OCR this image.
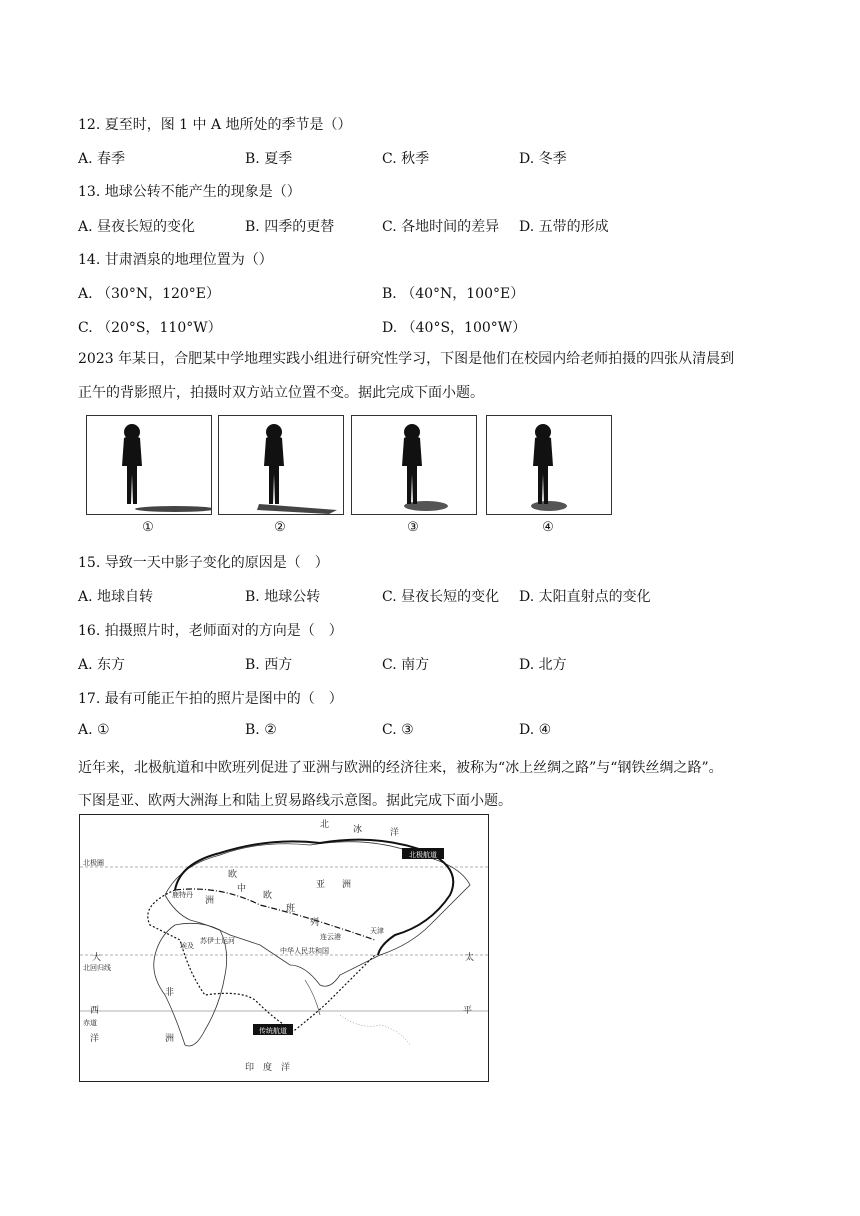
12. 夏至时，图 1 中 A 地所处的季节是（）
A. 春季	B. 夏季	C. 秋季	D. 冬季
13. 地球公转不能产生的现象是（）
A. 昼夜长短的变化	B. 四季的更替	C. 各地时间的差异 D. 五带的形成
14. 甘肃酒泉的地理位置为（）
A. （30°N，120°E）	B. （40°N，100°E）
C. （20°S，110°W）	D. （40°S，100°W）
2023 年某日，合肥某中学地理实践小组进行研究性学习，下图是他们在校园内给老师拍摄的四张从清晨到
正午的背影照片，拍摄时双方站立位置不变。据此完成下面小题。
①	②	③	④
15. 导致一天中影子变化的原因是（　）
A. 地球自转	B. 地球公转	C. 昼夜长短的变化 D. 太阳直射点的变化
16. 拍摄照片时，老师面对的方向是（　）
A. 东方	B. 西方	C. 南方	D. 北方
17. 最有可能正午拍的照片是图中的（　）
A. ①	B. ②	C. ③	D. ④
近年来，北极航道和中欧班列促进了亚洲与欧洲的经济往来，被称为“冰上丝绸之路”与“钢铁丝绸之路”。
下图是亚、欧两大洲海上和陆上贸易路线示意图。据此完成下面小题。
北极航道
传统航道
北	冰	洋
北极圈
欧
中	亚 洲
鹿特丹
洲	欧
班
列
苏伊士运河	连云港
天津
中华人民共和国
埃及
大
北回归线
非
西
赤道
洋	洲
印　度　洋
太
平
